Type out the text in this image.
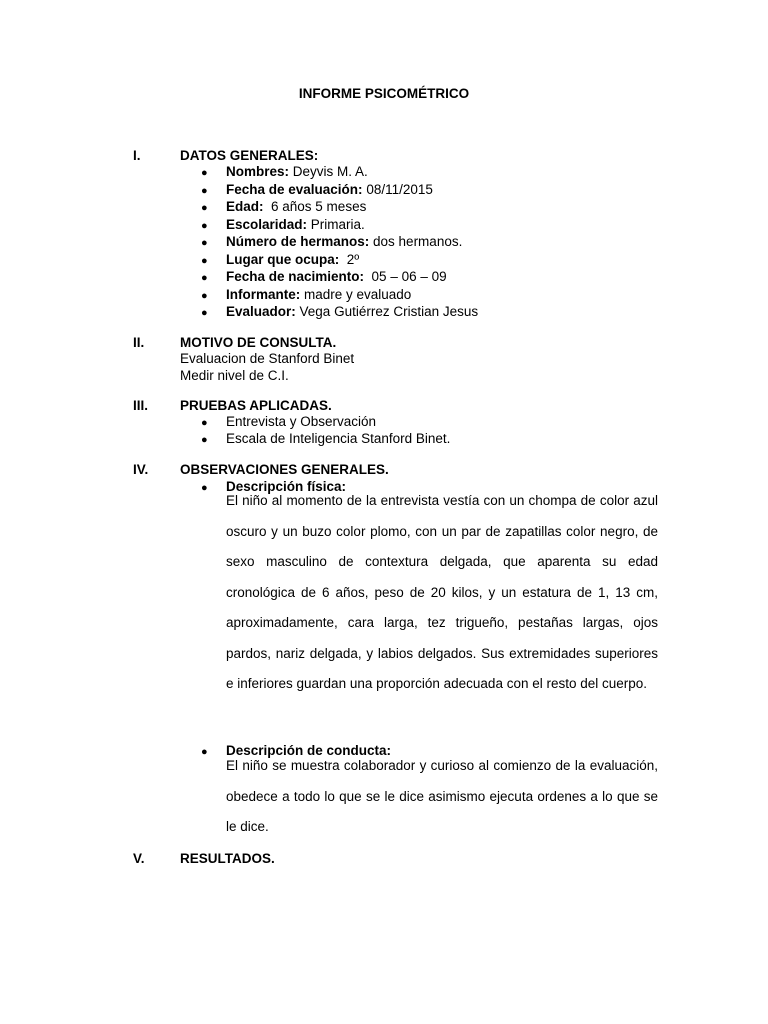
INFORME PSICOMÉTRICO
I.	DATOS GENERALES:
● Nombres: Deyvis M. A.
● Fecha de evaluación: 08/11/2015
● Edad:  6 años 5 meses
● Escolaridad: Primaria.
● Número de hermanos: dos hermanos.
● Lugar que ocupa:  2º
● Fecha de nacimiento:  05 – 06 – 09
● Informante: madre y evaluado
● Evaluador: Vega Gutiérrez Cristian Jesus
II.	MOTIVO DE CONSULTA.
Evaluacion de Stanford Binet
Medir nivel de C.I.
III. PRUEBAS APLICADAS.
● Entrevista y Observación
● Escala de Inteligencia Stanford Binet.
IV. OBSERVACIONES GENERALES.
● Descripción física:

El niño al momento de la entrevista vestía con un chompa de color azul oscuro y un buzo color plomo, con un par de zapatillas color negro, de sexo masculino de contextura delgada, que aparenta su edad cronológica de 6 años, peso de 20 kilos, y un estatura de 1, 13 cm, aproximadamente, cara larga, tez trigueño, pestañas largas, ojos pardos, nariz delgada, y labios delgados. Sus extremidades superiores e inferiores guardan una proporción adecuada con el resto del cuerpo.

● Descripción de conducta:

El niño se muestra colaborador y curioso al comienzo de la evaluación, obedece a todo lo que se le dice asimismo ejecuta ordenes a lo que se le dice.

V.	RESULTADOS.
